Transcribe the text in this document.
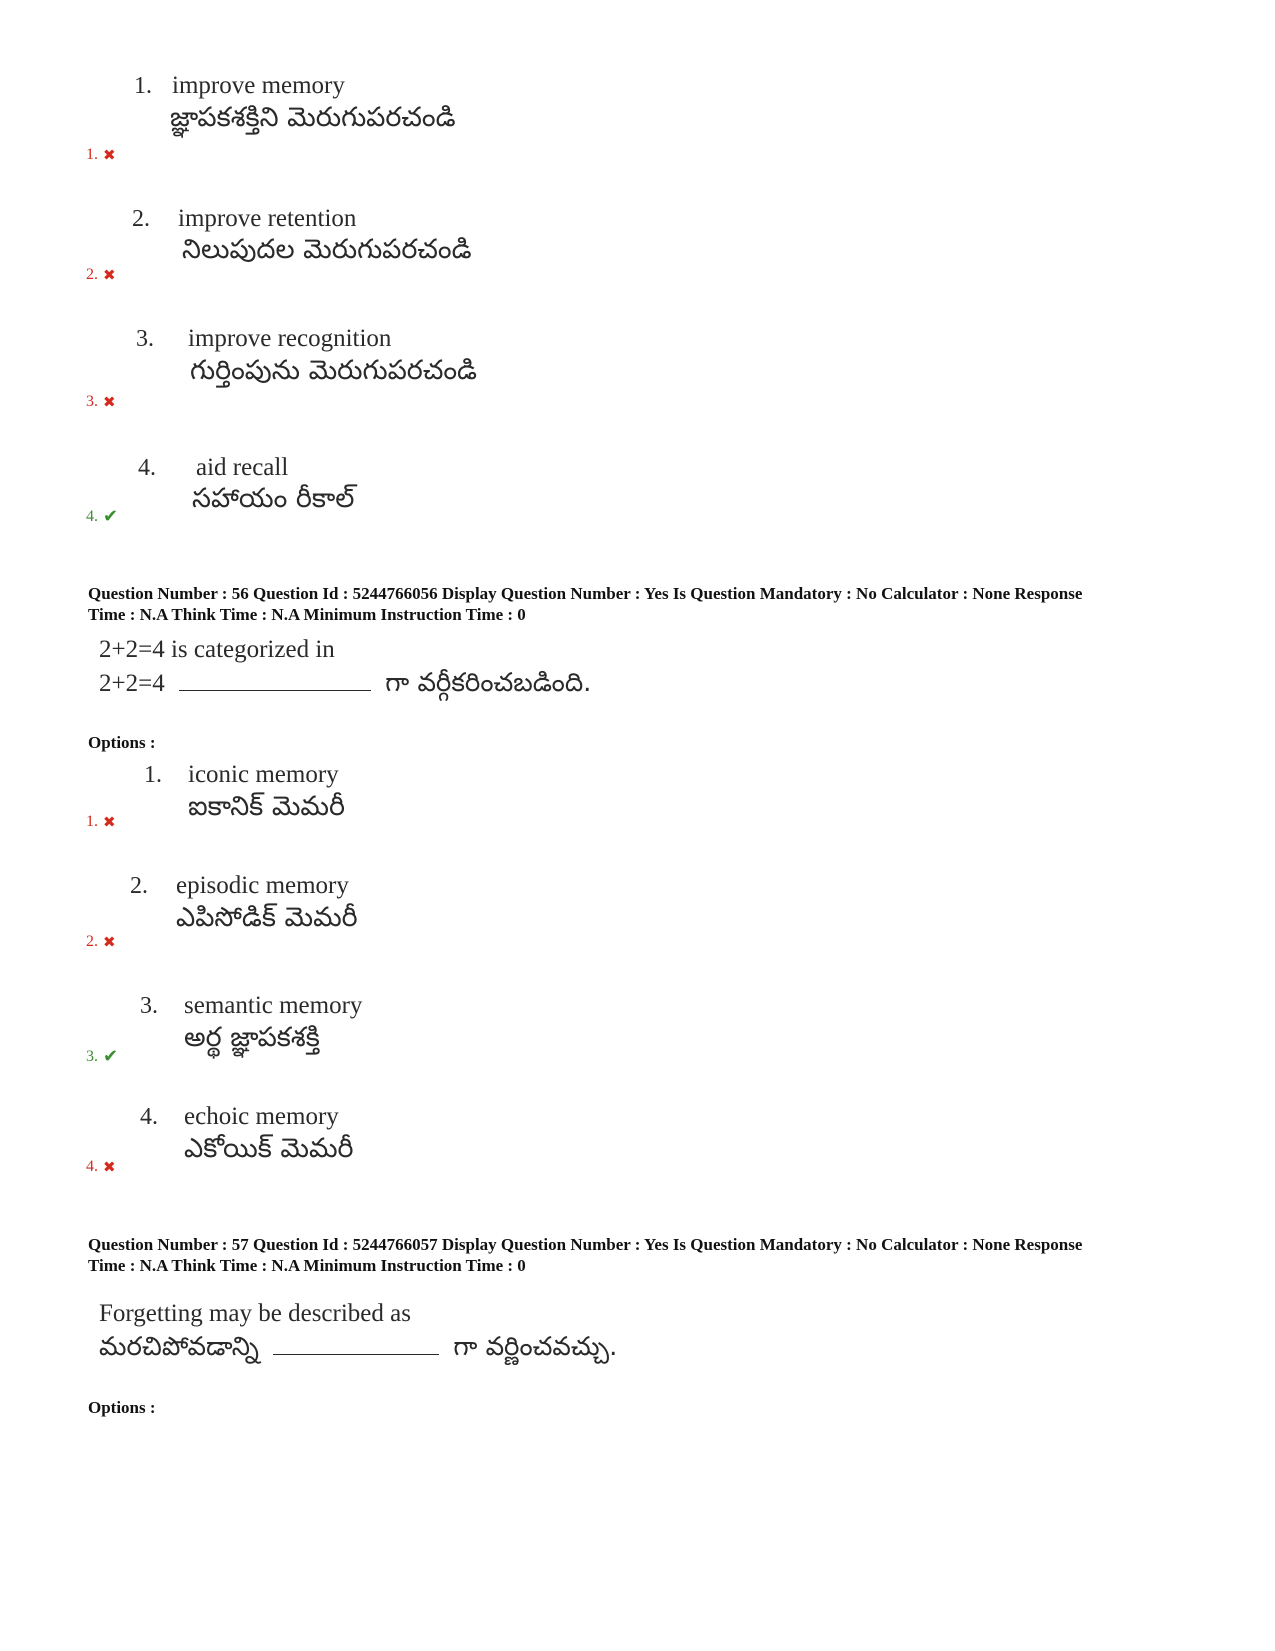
1. improve memory
జ్ఞాపకశక్తిని మెరుగుపరచండి
1. ✖
2. improve retention
నిలుపుదల మెరుగుపరచండి
2. ✖
3. improve recognition
గుర్తింపును మెరుగుపరచండి
3. ✖
4. aid recall
సహాయం రీకాల్
4. ✔
Question Number : 56 Question Id : 5244766056 Display Question Number : Yes Is Question Mandatory : No Calculator : None Response
Time : N.A Think Time : N.A Minimum Instruction Time : 0
2+2=4 is categorized in
2+2=4	గా వర్గీకరించబడింది.
Options :
1. iconic memory
ఐకానిక్ మెమరీ
1. ✖
2. episodic memory
ఎపిసోడిక్ మెమరీ
2. ✖
3. semantic memory
అర్థ జ్ఞాపకశక్తి
3. ✔
4. echoic memory
ఎకోయిక్ మెమరీ
4. ✖
Question Number : 57 Question Id : 5244766057 Display Question Number : Yes Is Question Mandatory : No Calculator : None Response
Time : N.A Think Time : N.A Minimum Instruction Time : 0
Forgetting may be described as
మరచిపోవడాన్ని	గా వర్ణించవచ్చు.
Options :
